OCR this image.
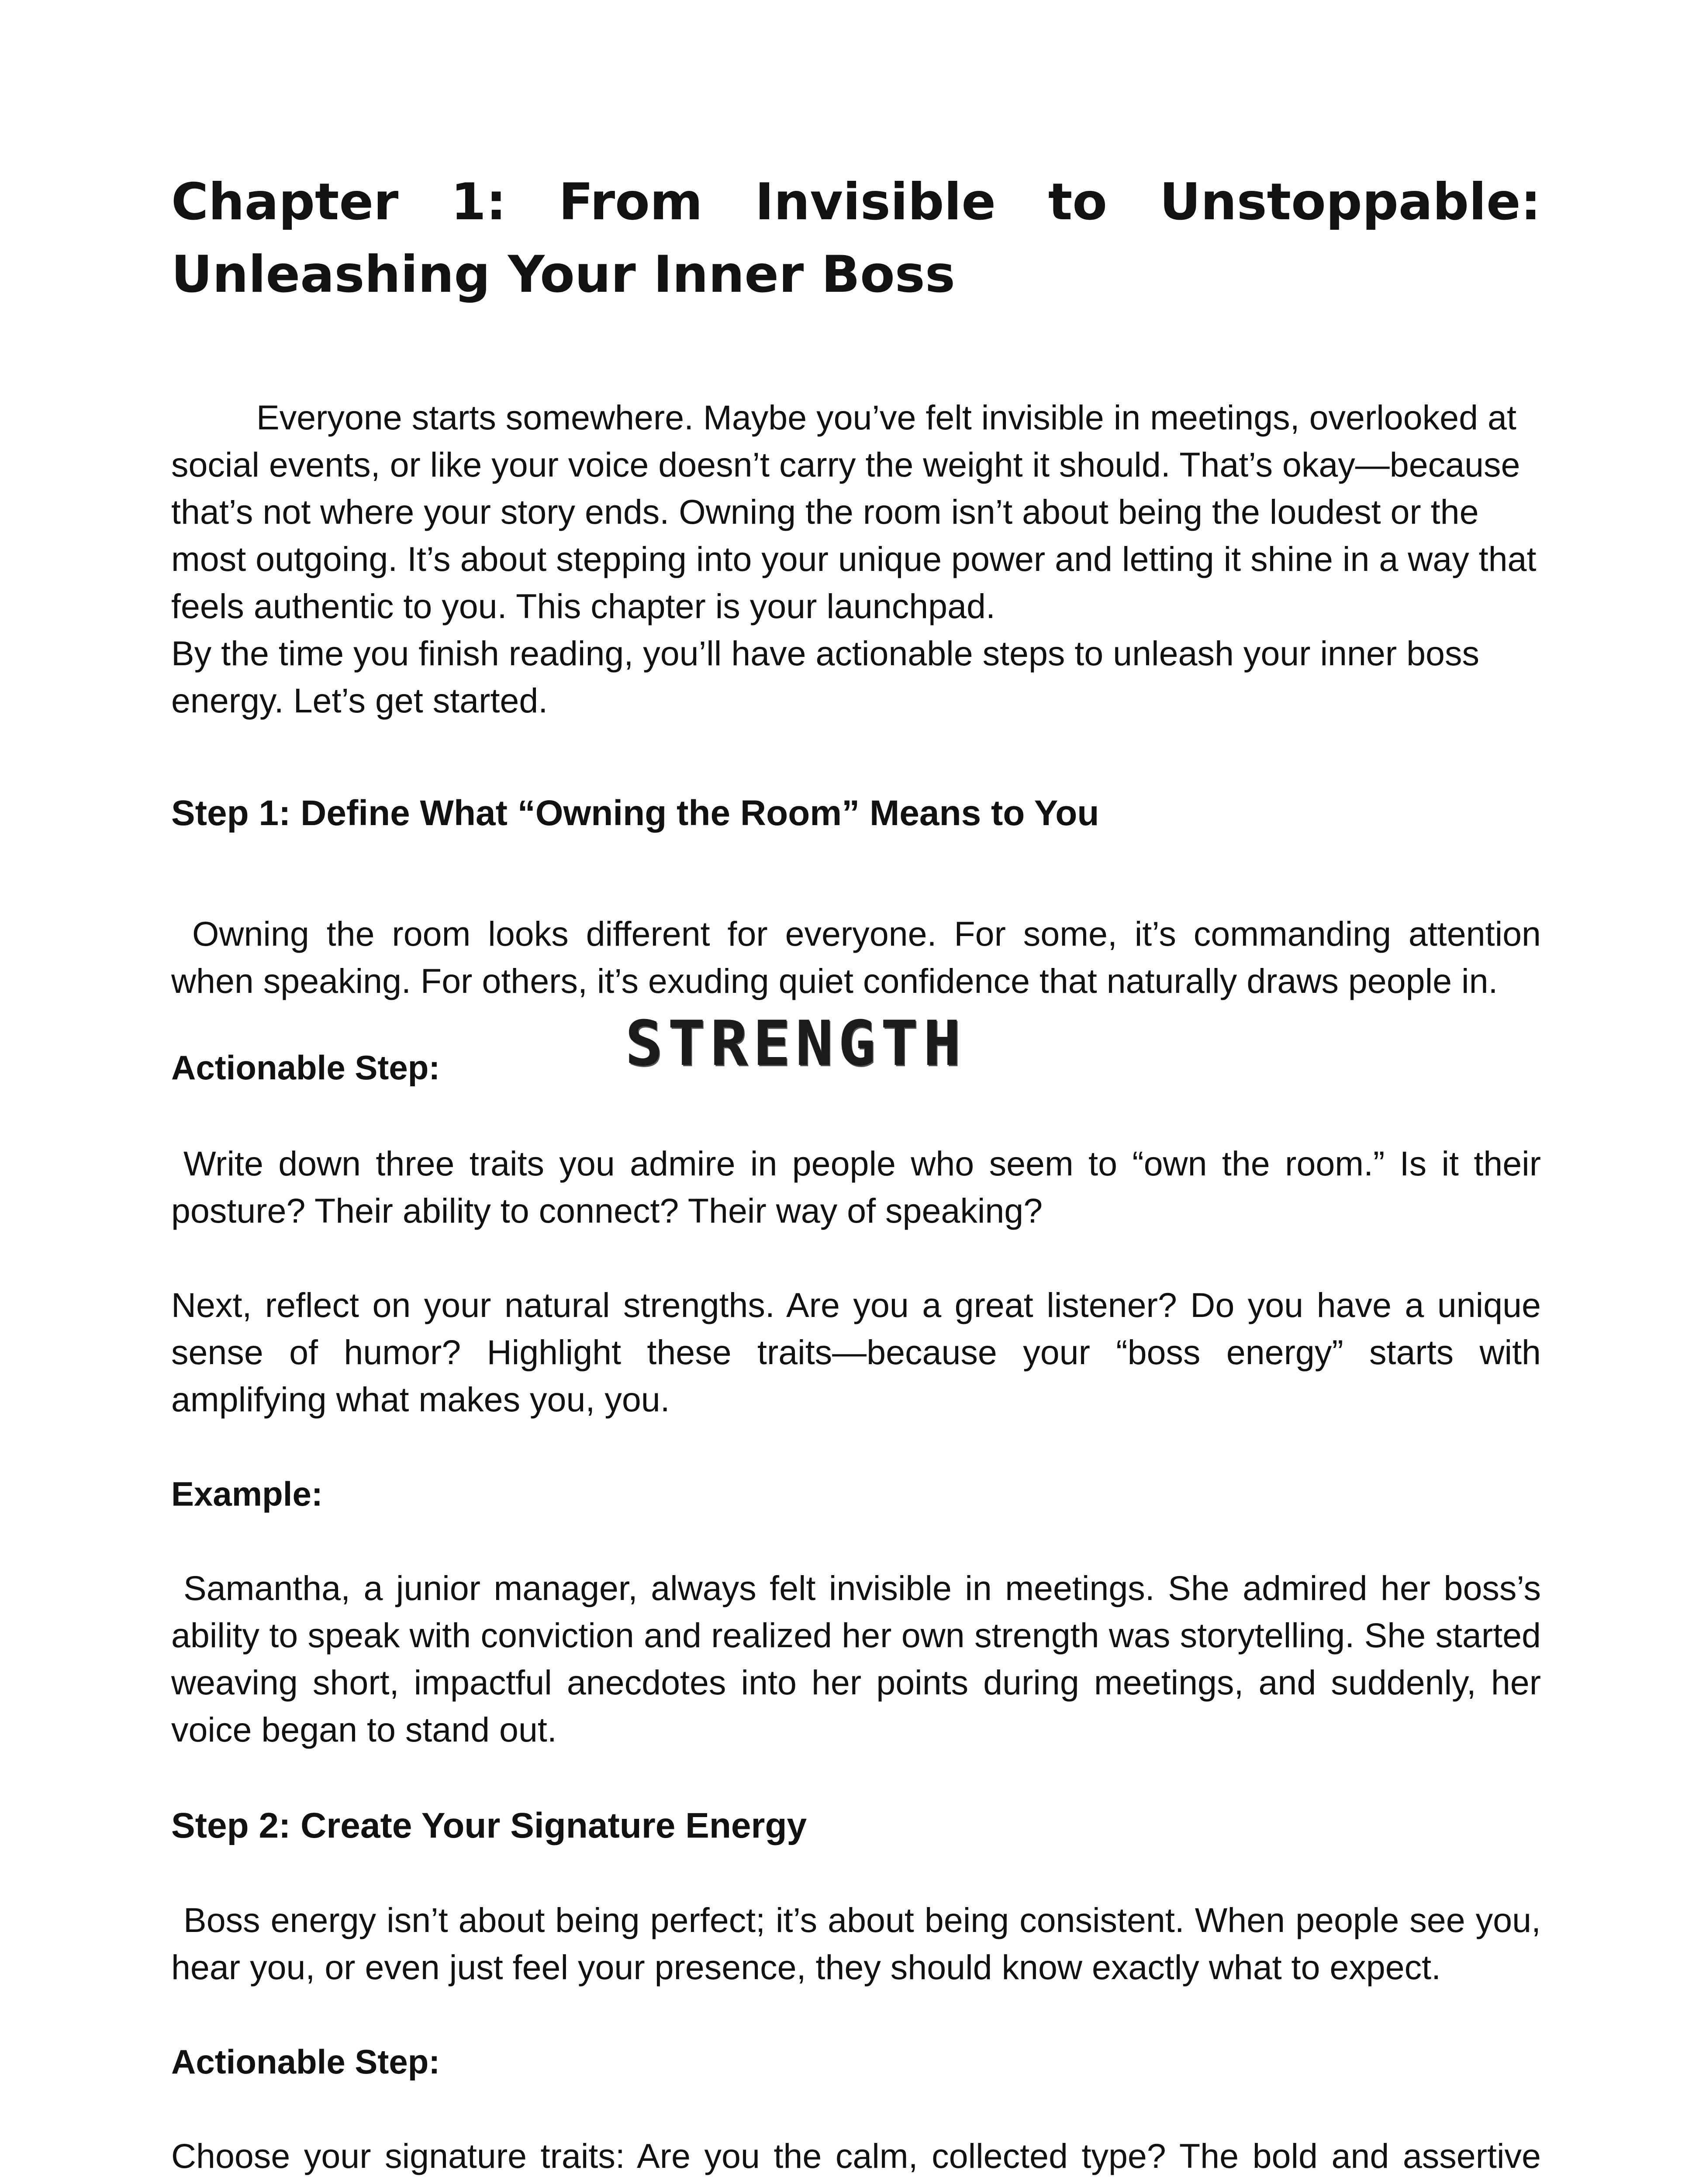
Chapter 1: From Invisible to Unstoppable: Unleashing Your Inner Boss

Everyone starts somewhere. Maybe you’ve felt invisible in meetings, overlooked at social events, or like your voice doesn’t carry the weight it should. That’s okay—because that’s not where your story ends. Owning the room isn’t about being the loudest or the most outgoing. It’s about stepping into your unique power and letting it shine in a way that feels authentic to you. This chapter is your launchpad.

By the time you finish reading, you’ll have actionable steps to unleash your inner boss energy. Let’s get started.

Step 1: Define What “Owning the Room” Means to You

Owning the room looks different for everyone. For some, it’s commanding attention when speaking. For others, it’s exuding quiet confidence that naturally draws people in.

Actionable Step:	STRENGTH

Write down three traits you admire in people who seem to “own the room.” Is it their posture? Their ability to connect? Their way of speaking?

Next, reflect on your natural strengths. Are you a great listener? Do you have a unique sense of humor? Highlight these traits—because your “boss energy” starts with amplifying what makes you, you.

Example:

Samantha, a junior manager, always felt invisible in meetings. She admired her boss’s ability to speak with conviction and realized her own strength was storytelling. She started weaving short, impactful anecdotes into her points during meetings, and suddenly, her voice began to stand out.

Step 2: Create Your Signature Energy

Boss energy isn’t about being perfect; it’s about being consistent. When people see you, hear you, or even just feel your presence, they should know exactly what to expect.

Actionable Step:

Choose your signature traits: Are you the calm, collected type? The bold and assertive
